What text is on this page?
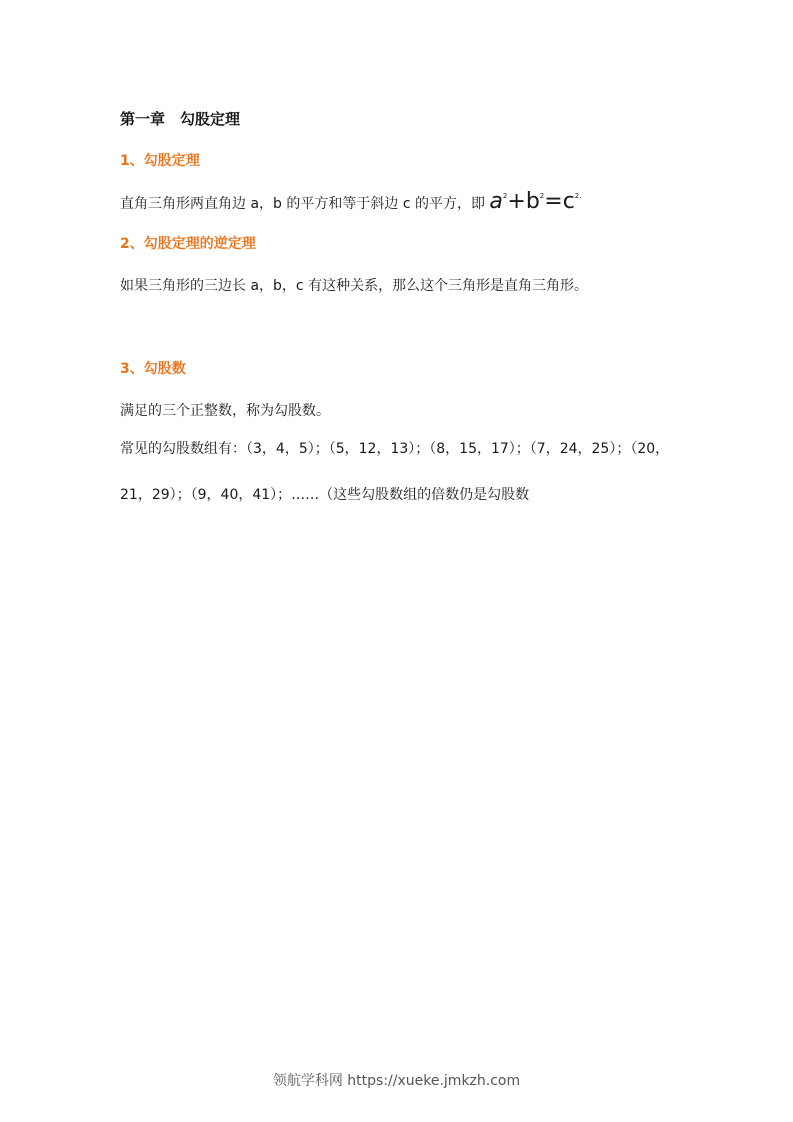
第一章　勾股定理
1、勾股定理
直角三角形两直角边 a，b 的平方和等于斜边 c 的平方，即 $a^2+b^2=c^{2.}$
2、勾股定理的逆定理
如果三角形的三边长 a，b，c 有这种关系，那么这个三角形是直角三角形。
3、勾股数
满足的三个正整数，称为勾股数。
常见的勾股数组有：（3，4，5）；（5，12，13）；（8，15，17）；（7，24，25）；（20，21，29）；（9，40，41）；……（这些勾股数组的倍数仍是勾股数
领航学科网 https://xueke.jmkzh.com
